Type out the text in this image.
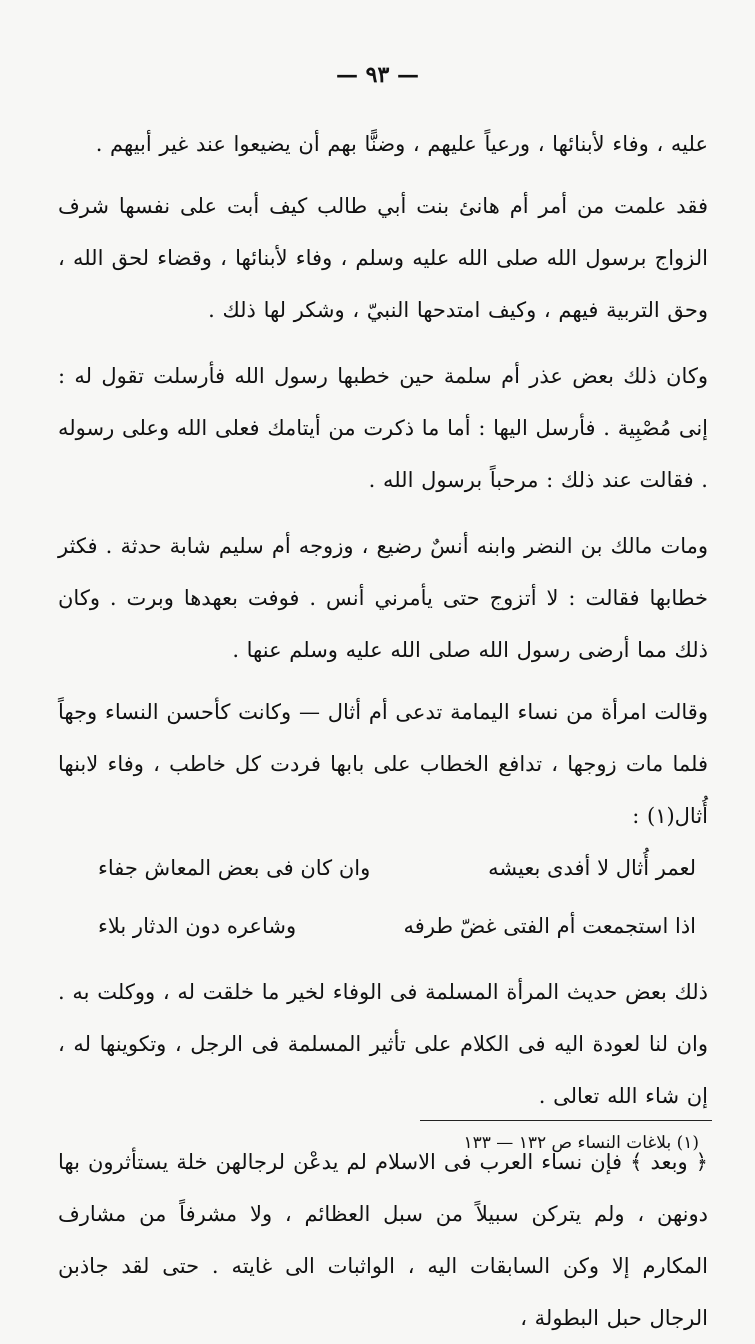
— ٩٣ —

عليه ، وفاء لأبنائها ، ورعياً عليهم ، وضنًّا بهم أن يضيعوا عند غير أبيهم .

فقد علمت من أمر أم هانئ بنت أبي طالب كيف أبت على نفسها شرف الزواج برسول الله صلى الله عليه وسلم ، وفاء لأبنائها ، وقضاء لحق الله ، وحق التربية فيهم ، وكيف امتدحها النبيّ ، وشكر لها ذلك .

وكان ذلك بعض عذر أم سلمة حين خطبها رسول الله فأرسلت تقول له : إنى مُصْبِية . فأرسل اليها : أما ما ذكرت من أيتامك فعلى الله وعلى رسوله . فقالت عند ذلك : مرحباً برسول الله .

ومات مالك بن النضر وابنه أنسٌ رضيع ، وزوجه أم سليم شابة حدثة . فكثر خطابها فقالت : لا أتزوج حتى يأمرني أنس . فوفت بعهدها وبرت . وكان ذلك مما أرضى رسول الله صلى الله عليه وسلم عنها .

وقالت امرأة من نساء اليمامة تدعى أم أثال — وكانت كأحسن النساء وجهاً فلما مات زوجها ، تدافع الخطاب على بابها فردت كل خاطب ، وفاء لابنها أُثال(١) :

لعمر أُثال لا أفدى بعيشه
وان كان فى بعض المعاش جفاء
اذا استجمعت أم الفتى غضّ طرفه
وشاعره دون الدثار بلاء

ذلك بعض حديث المرأة المسلمة فى الوفاء لخير ما خلقت له ، ووكلت به . وان لنا لعودة اليه فى الكلام على تأثير المسلمة فى الرجل ، وتكوينها له ، إن شاء الله تعالى .

﴿ وبعد ﴾ فإن نساء العرب فى الاسلام لم يدعْن لرجالهن خلة يستأثرون بها دونهن ، ولم يتركن سبيلاً من سبل العظائم ، ولا مشرفاً من مشارف المكارم إلا وكن السابقات اليه ، الواثبات الى غايته . حتى لقد جاذبن الرجال حبل البطولة ،

(١) بلاغات النساء ص ١٣٢ — ١٣٣
